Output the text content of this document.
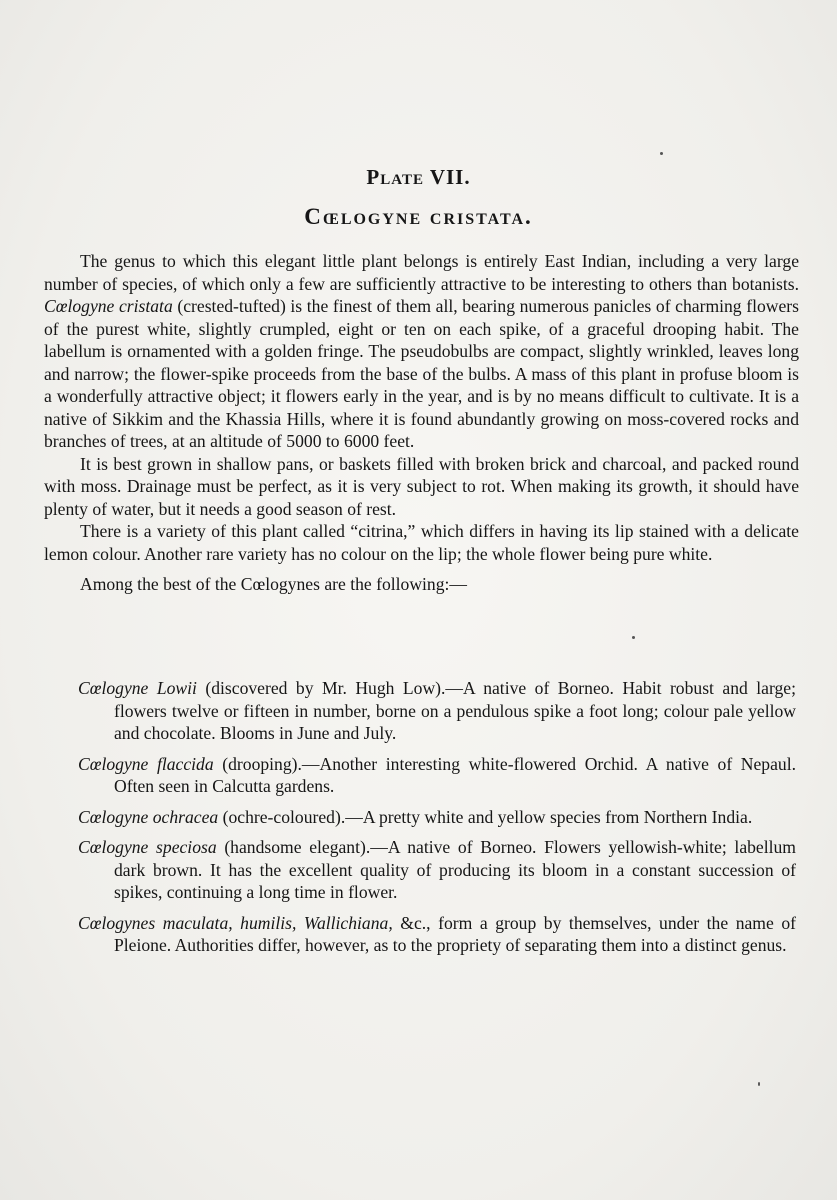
Plate VII.
Cœlogyne cristata.

The genus to which this elegant little plant belongs is entirely East Indian, including a very large number of species, of which only a few are sufficiently attractive to be interesting to others than botanists. Cœlogyne cristata (crested-tufted) is the finest of them all, bearing numerous panicles of charming flowers of the purest white, slightly crumpled, eight or ten on each spike, of a graceful drooping habit. The labellum is ornamented with a golden fringe. The pseudobulbs are compact, slightly wrinkled, leaves long and narrow; the flower-spike proceeds from the base of the bulbs. A mass of this plant in profuse bloom is a wonderfully attractive object; it flowers early in the year, and is by no means difficult to cultivate. It is a native of Sikkim and the Khassia Hills, where it is found abundantly growing on moss-covered rocks and branches of trees, at an altitude of 5000 to 6000 feet.

It is best grown in shallow pans, or baskets filled with broken brick and charcoal, and packed round with moss. Drainage must be perfect, as it is very subject to rot. When making its growth, it should have plenty of water, but it needs a good season of rest.

There is a variety of this plant called “citrina,” which differs in having its lip stained with a delicate lemon colour. Another rare variety has no colour on the lip; the whole flower being pure white.

Among the best of the Cœlogynes are the following:—

Cœlogyne Lowii (discovered by Mr. Hugh Low).—A native of Borneo. Habit robust and large; flowers twelve or fifteen in number, borne on a pendulous spike a foot long; colour pale yellow and chocolate. Blooms in June and July.
Cœlogyne flaccida (drooping).—Another interesting white-flowered Orchid. A native of Nepaul. Often seen in Calcutta gardens.
Cœlogyne ochracea (ochre-coloured).—A pretty white and yellow species from Northern India.
Cœlogyne speciosa (handsome elegant).—A native of Borneo. Flowers yellowish-white; labellum dark brown. It has the excellent quality of producing its bloom in a constant succession of spikes, continuing a long time in flower.
Cœlogynes maculata, humilis, Wallichiana, &c., form a group by themselves, under the name of Pleione. Authorities differ, however, as to the propriety of separating them into a distinct genus.
